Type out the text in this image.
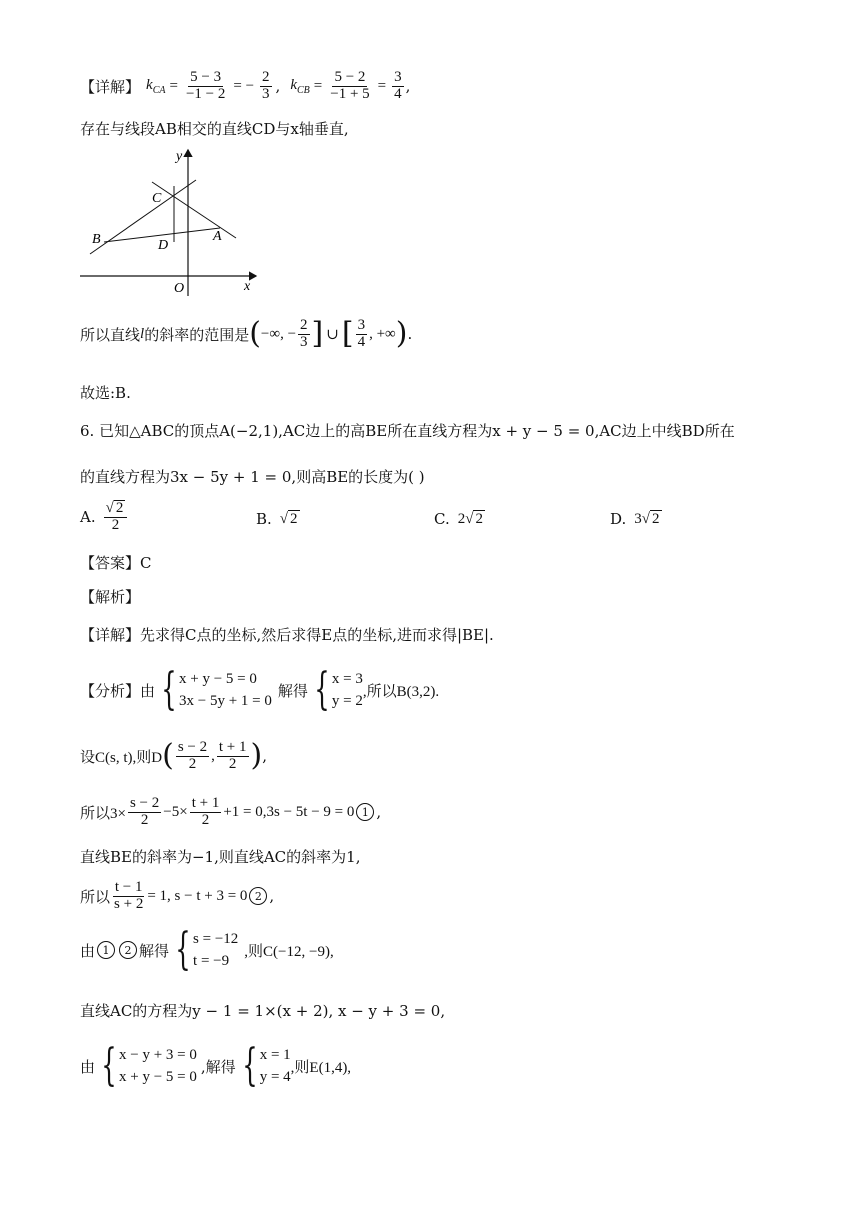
【详解】 $k_{CA} = \frac{5 - 3}{-1 - 2}$ = − $\frac{2}{3}$ , $k_{CB} = \frac{5 - 2}{-1 + 5} = \frac{3}{4}$ ,
存在与线段AB相交的直线CD与x轴垂直,
y
C
B	D
A
O	x
所以直线 l 的斜率的范围是 ( −∞, − $\frac{2}{3}$ ] ∪ [ $\frac{3}{4}$ , +∞ ) .
故选:B.
6. 已知△ABC的顶点A(−2,1),AC边上的高BE所在直线方程为x + y − 5 = 0,AC边上中线BD所在
的直线方程为3x − 5y + 1 = 0,则高BE的长度为( )
A. $\frac{√ 2}{2}$	B. √ 2	C. 2 √ 2	D. 3 √ 2
【答案】C
【解析】
【详解】先求得C点的坐标,然后求得E点的坐标,进而求得|BE|.
【分析】由 { x + y − 5 = 0
3x − 5y + 1 = 0
解得 { x = 3
y = 2
,所以B(3,2).
设C(s, t),则D ( $\frac{s - 2}{2}$ , $\frac{t + 1}{2}$ ) ,
所以$3\times \frac{s - 2}{2} -5\times \frac{t + 1}{2} +1 = 0,3s - 5t - 9 = 0$ 1 ,
直线BE的斜率为−1,则直线AC的斜率为1,
所以 $\frac{t - 1}{s + 2} = 1$, s − t + 3 = 0 2 ,
由 1	2 解得 { s = −12
t = −9
,则C(−12, −9),
直线AC的方程为y − 1 = 1×(x + 2), x − y + 3 = 0,
由 { x − y + 3 = 0
x + y − 5 = 0
,解得 { x = 1
y = 4
,则E(1,4),
